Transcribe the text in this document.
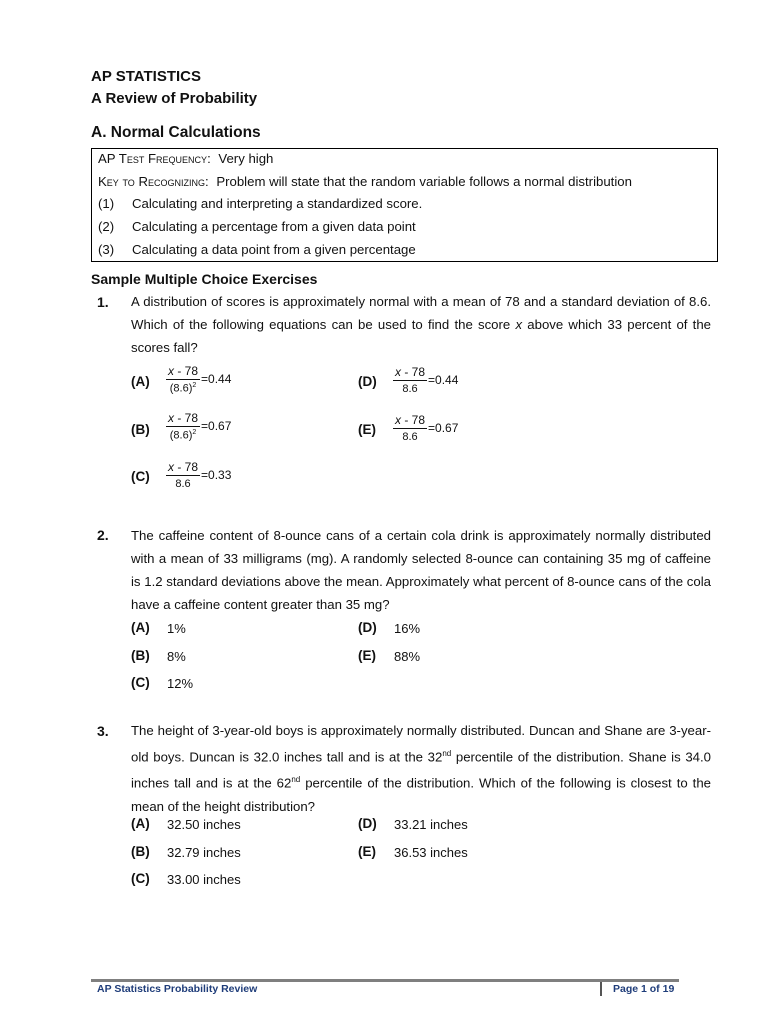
AP STATISTICS
A Review of Probability
A. Normal Calculations
AP Test Frequency: Very high
Key to Recognizing: Problem will state that the random variable follows a normal distribution
(1) Calculating and interpreting a standardized score.
(2) Calculating a percentage from a given data point
(3) Calculating a data point from a given percentage
Sample Multiple Choice Exercises
1. A distribution of scores is approximately normal with a mean of 78 and a standard deviation of 8.6. Which of the following equations can be used to find the score x above which 33 percent of the scores fall?
$(A) \frac{x - 78}{(8.6)^2} =0.44$
$(B) \frac{x - 78}{(8.6)^2} =0.67$
$(C) \frac{x - 78}{8.6} =0.33$
$(D) \frac{x - 78}{8.6} =0.44$
$(E) \frac{x - 78}{8.6} =0.67$
2. The caffeine content of 8-ounce cans of a certain cola drink is approximately normally distributed with a mean of 33 milligrams (mg). A randomly selected 8-ounce can containing 35 mg of caffeine is 1.2 standard deviations above the mean. Approximately what percent of 8-ounce cans of the cola have a caffeine content greater than 35 mg?
(A) 1%
(B) 8%
(C) 12%
(D) 16%
(E) 88%
3. The height of 3-year-old boys is approximately normally distributed. Duncan and Shane are 3-year-old boys. Duncan is 32.0 inches tall and is at the 32nd percentile of the distribution. Shane is 34.0 inches tall and is at the 62nd percentile of the distribution. Which of the following is closest to the mean of the height distribution?
(A) 32.50 inches
(B) 32.79 inches
(C) 33.00 inches
(D) 33.21 inches
(E) 36.53 inches
AP Statistics Probability Review	Page 1 of 19
